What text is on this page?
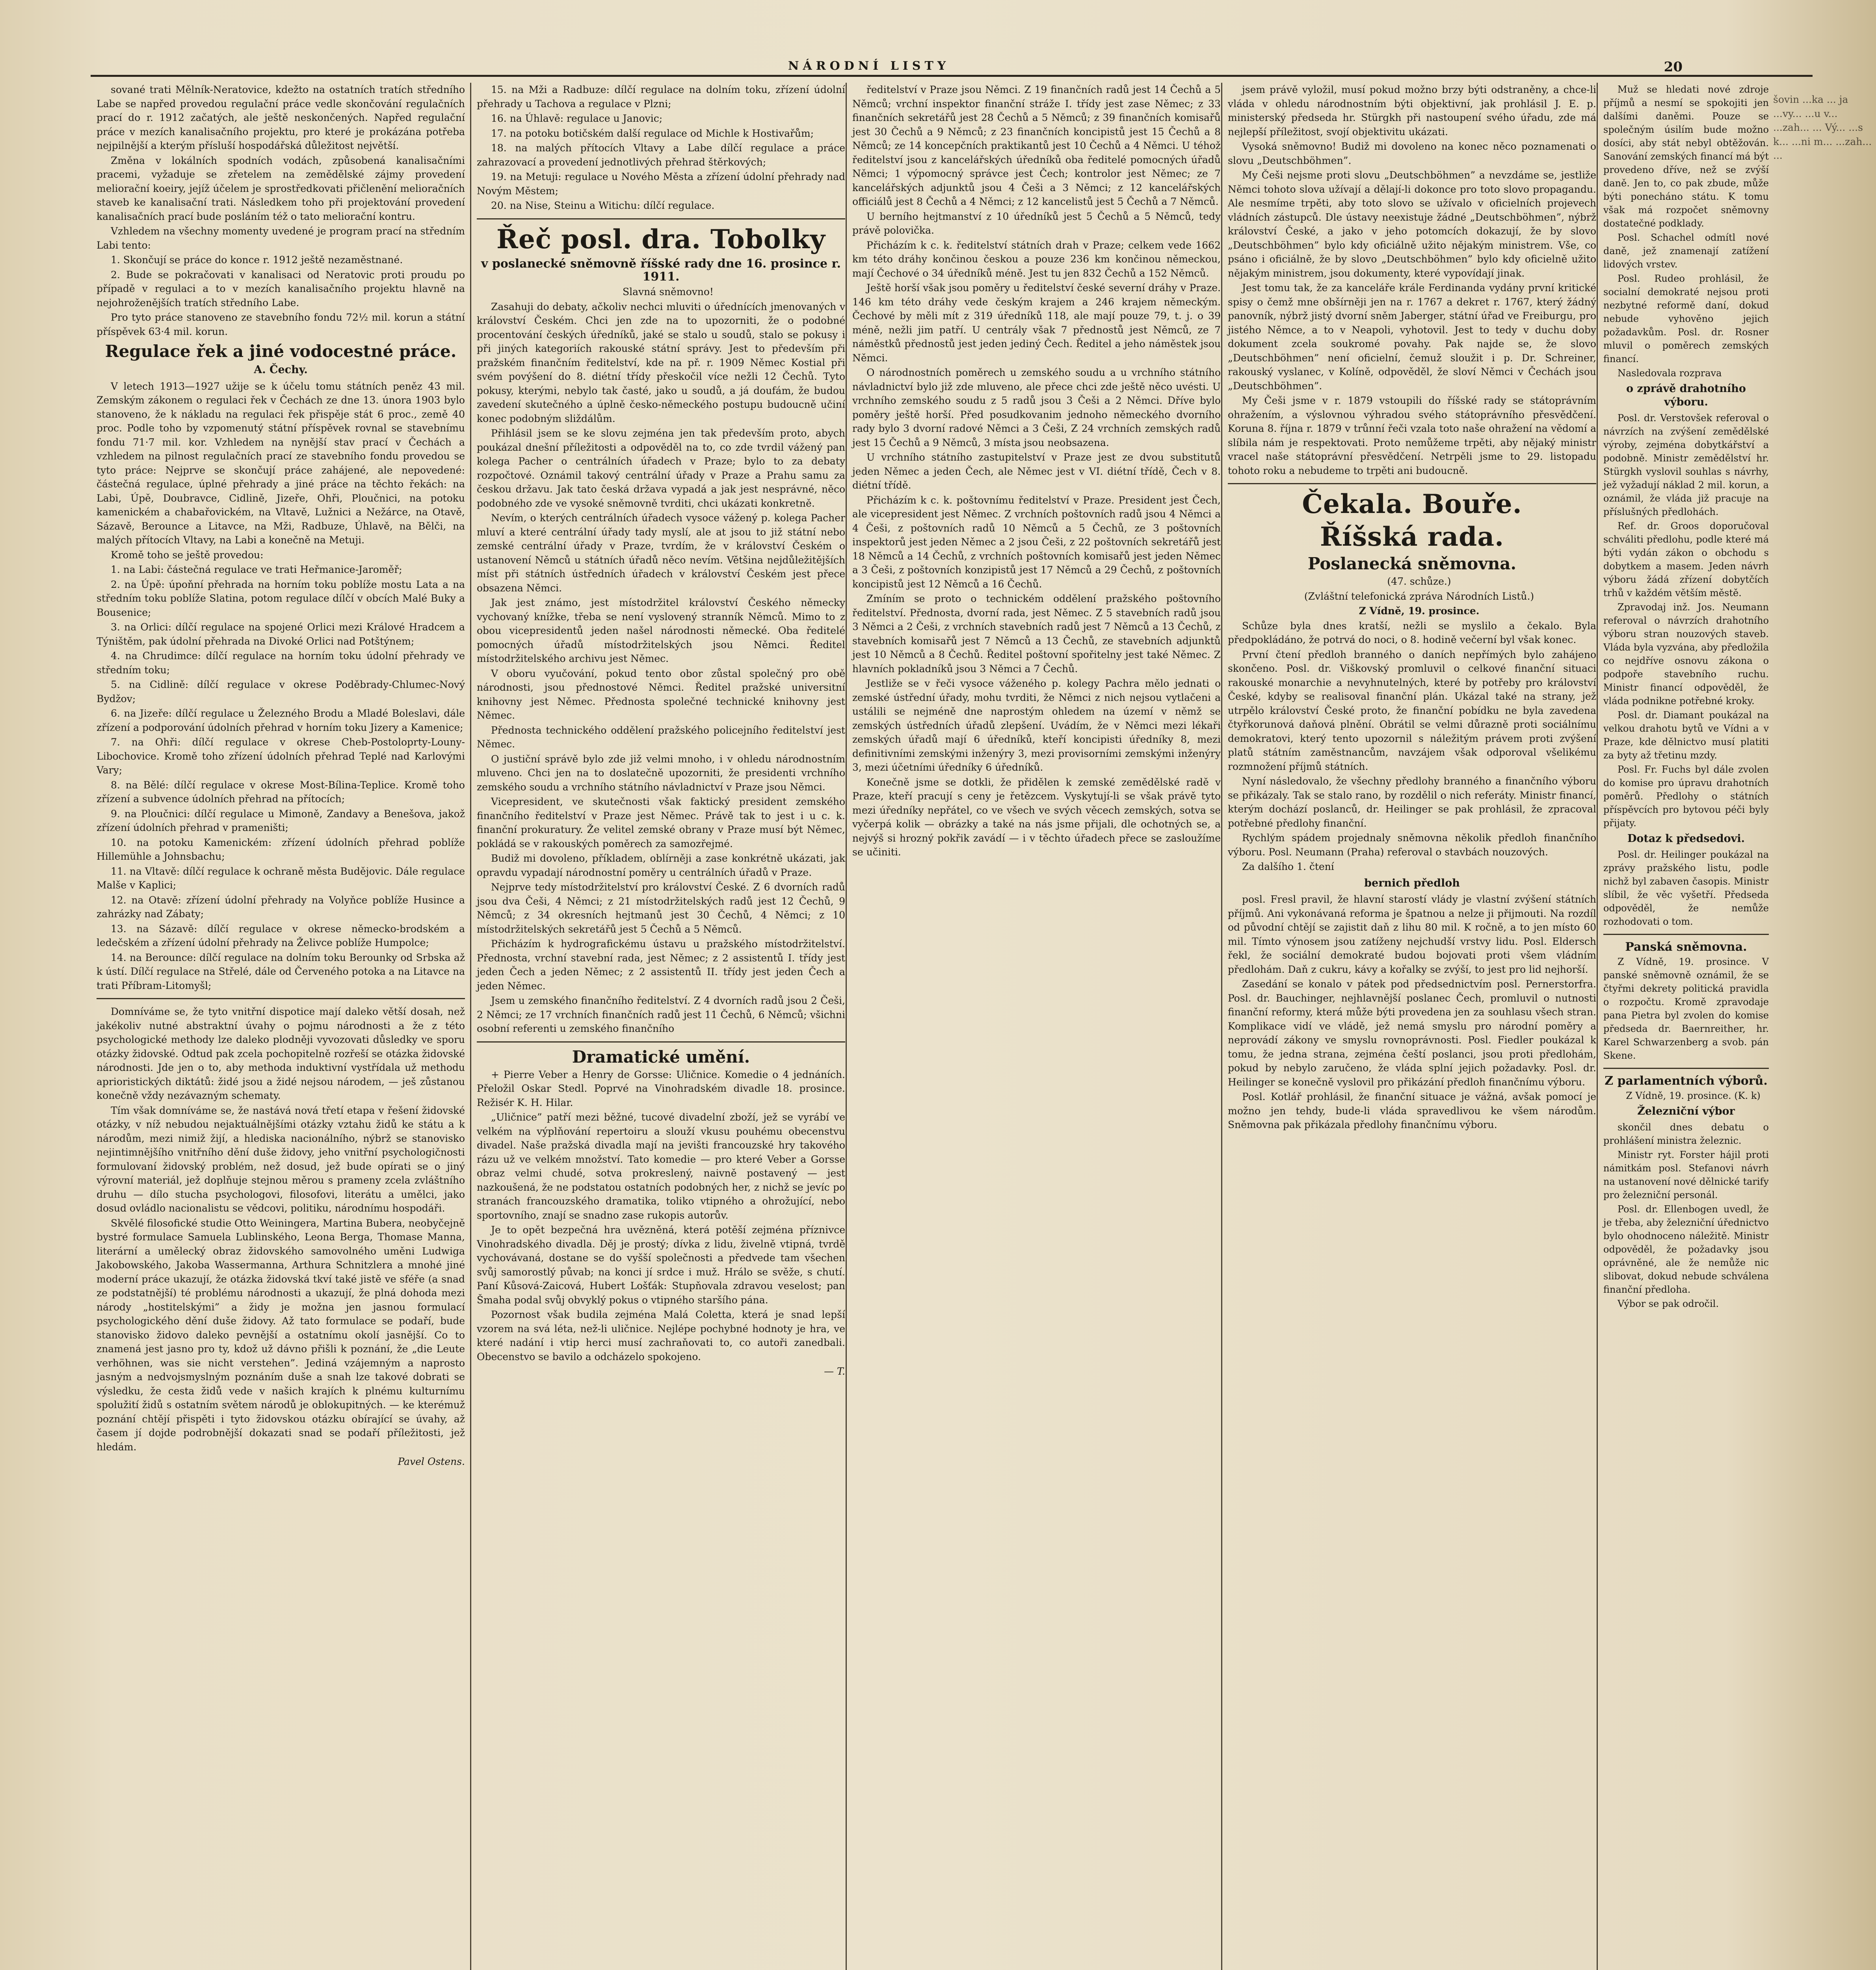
NÁRODNÍ LISTY	20

sované trati Mělník-Neratovice, kdežto na ostatních tratích středního Labe se napřed provedou regulační práce vedle skončování regulačních prací do r. 1912 začatých, ale ještě neskončených. Napřed regulační práce v mezích kanalisačního projektu, pro které je prokázána potřeba nejpilnější a kterým přísluší hospodářská důležitost největší.

Změna v lokálních spodních vodách, způsobená kanalisačními pracemi, vyžaduje se zřetelem na zemědělské zájmy provedení meliorační koeiry, jejíž účelem je sprostředkovati přičlenění melioračních staveb ke kanalisační trati. Následkem toho při projektování provedení kanalisačních prací bude posláním též o tato meliorační kontru.

Vzhledem na všechny momenty uvedené je program prací na středním Labi tento:

1. Skončují se práce do konce r. 1912 ještě nezaměstnané.

2. Bude se pokračovati v kanalisaci od Neratovic proti proudu po případě v regulaci a to v mezích kanalisačního projektu hlavně na nejohroženějších tratích středního Labe.

Pro tyto práce stanoveno ze stavebního fondu 72½ mil. korun a státní příspěvek 63·4 mil. korun.

Regulace řek a jiné vodocestné práce.
A. Čechy.

V letech 1913—1927 užije se k účelu tomu státních peněz 43 mil. Zemským zákonem o regulaci řek v Čechách ze dne 13. února 1903 bylo stanoveno, že k nákladu na regulaci řek přispěje stát 6 proc., země 40 proc. Podle toho by vzpomenutý státní příspěvek rovnal se stavebnímu fondu 71·7 mil. kor. Vzhledem na nynější stav prací v Čechách a vzhledem na pilnost regulačních prací ze stavebního fondu provedou se tyto práce: Nejprve se skončují práce zahájené, ale nepovedené: částečná regulace, úplné přehrady a jiné práce na těchto řekách: na Labi, Úpě, Doubravce, Cidlině, Jizeře, Ohři, Ploučnici, na potoku kamenickém a chabařovickém, na Vltavě, Lužnici a Nežárce, na Otavě, Sázavě, Berounce a Litavce, na Mži, Radbuze, Úhlavě, na Bělči, na malých přítocích Vltavy, na Labi a konečně na Metuji.

Kromě toho se ještě provedou:

1. na Labi: částečná regulace ve trati Heřmanice-Jaroměř;

2. na Úpě: úpoňní přehrada na horním toku poblíže mostu Lata a na středním toku poblíže Slatina, potom regulace dílčí v obcích Malé Buky a Bousenice;

3. na Orlici: dílčí regulace na spojené Orlici mezi Králové Hradcem a Týništěm, pak údolní přehrada na Divoké Orlici nad Potštýnem;

4. na Chrudimce: dílčí regulace na horním toku údolní přehrady ve středním toku;

5. na Cidlině: dílčí regulace v okrese Poděbrady-Chlumec-Nový Bydžov;

6. na Jizeře: dílčí regulace u Železného Brodu a Mladé Boleslavi, dále zřízení a podporování údolních přehrad v horním toku Jizery a Kamenice;

7. na Ohři: dílčí regulace v okrese Cheb-Postoloprty-Louny-Libochovice. Kromě toho zřízení údolních přehrad Teplé nad Karlovými Vary;

8. na Bělé: dílčí regulace v okrese Most-Bílina-Teplice. Kromě toho zřízení a subvence údolních přehrad na přítocích;

9. na Ploučnici: dílčí regulace u Mimoně, Zandavy a Benešova, jakož zřízení údolních přehrad v prameništi;

10. na potoku Kamenickém: zřízení údolních přehrad poblíže Hillemühle a Johnsbachu;

11. na Vltavě: dílčí regulace k ochraně města Budějovic. Dále regulace Malše v Kaplici;

12. na Otavě: zřízení údolní přehrady na Volyňce poblíže Husince a zahrázky nad Zábaty;

13. na Sázavě: dílčí regulace v okrese německo-brodském a ledečském a zřízení údolní přehrady na Želivce poblíže Humpolce;

14. na Berounce: dílčí regulace na dolním toku Berounky od Srbska až k ústí. Dílčí regulace na Střelé, dále od Červeného potoka a na Litavce na trati Příbram-Litomyšl;

Domníváme se, že tyto vnitřní dispotice mají daleko větší dosah, než jakékoliv nutné abstraktní úvahy o pojmu národnosti a že z této psychologické methody lze daleko plodněji vyvozovati důsledky ve sporu otázky židovské. Odtud pak zcela pochopitelně rozřeší se otázka židovské národnosti. Jde jen o to, aby methoda induktivní vystřídala už methodu aprioristických diktátů: židé jsou a židé nejsou národem, — ješ zůstanou konečně vždy nezávazným schematy.

Tím však domníváme se, že nastává nová třetí etapa v řešení židovské otázky, v níž nebudou nejaktuálnějšími otázky vztahu židů ke státu a k národům, mezi nimiž žijí, a hlediska nacionálního, nýbrž se stanovisko nejintimnějšího vnitřního dění duše židovy, jeho vnitřní psychologičnosti formulovaní židovský problém, než dosud, jež bude opírati se o jiný výrovní materiál, jež doplňuje stejnou měrou s prameny zcela zvláštního druhu — dílo stucha psychologovi, filosofovi, literátu a umělci, jako dosud ovládlo nacionalistu se vědcovi, politiku, národnímu hospodáři.

Skvělé filosofické studie Otto Weiningera, Martina Bubera, neobyčejně bystré formulace Samuela Lublinského, Leona Berga, Thomase Manna, literární a umělecký obraz židovského samovolného uměni Ludwiga Jakobowského, Jakoba Wassermanna, Arthura Schnitzlera a mnohé jiné moderní práce ukazují, že otázka židovská tkví také jistě ve sféře (a snad ze podstatnější) té problému národnosti a ukazují, že plná dohoda mezi národy „hostitelskými” a židy je možna jen jasnou formulací psychologického dění duše židovy. Až tato formulace se podaří, bude stanovisko židovo daleko pevnější a ostatnímu okolí jasnější. Co to znamená jest jasno pro ty, kdož už dávno přišli k poznání, že „die Leute verhöhnen, was sie nicht verstehen”. Jediná vzájemným a naprosto jasným a nedvojsmyslným poznáním duše a snah lze takové dobrati se výsledku, že cesta židů vede v našich krajích k plnému kulturnímu spolužití židů s ostatním světem národů je oblokupitných. — ke kterémuž poznání chtějí přispěti i tyto židovskou otázku obírající se úvahy, až časem jí dojde podrobnější dokazati snad se podaří příležitosti, jež hledám.

Pavel Ostens.

15. na Mži a Radbuze: dílčí regulace na dolním toku, zřízení údolní přehrady u Tachova a regulace v Plzni;

16. na Úhlavě: regulace u Janovic;

17. na potoku botičském další regulace od Michle k Hostivařům;

18. na malých přítocích Vltavy a Labe dílčí regulace a práce zahrazovací a provedení jednotlivých přehrad štěrkových;

19. na Metuji: regulace u Nového Města a zřízení údolní přehrady nad Novým Městem;

20. na Nise, Steinu a Witichu: dílčí regulace.

Řeč posl. dra. Tobolky
v poslanecké sněmovně říšské rady dne 16. prosince r. 1911.

Slavná sněmovno!

Zasahuji do debaty, ačkoliv nechci mluviti o úřednících jmenovaných v království Českém. Chci jen zde na to upozorniti, že o podobné procentování českých úředníků, jaké se stalo u soudů, stalo se pokusy i při jiných kategoriích rakouské státní správy. Jest to především při pražském finančním ředitelství, kde na př. r. 1909 Němec Kostial při svém povýšení do 8. diétní třídy přeskočil více nežli 12 Čechů. Tyto pokusy, kterými, nebylo tak časté, jako u soudů, a já doufám, že budou zavedení skutečného a úplně česko-německého postupu budoucně učiní konec podobným sliždálům.

Přihlásil jsem se ke slovu zejména jen tak především proto, abych poukázal dnešní příležitosti a odpověděl na to, co zde tvrdil vážený pan kolega Pacher o centrálních úřadech v Praze; bylo to za debaty rozpočtové. Oznámil takový centrální úřady v Praze a Prahu samu za českou državu. Jak tato česká država vypadá a jak jest nesprávné, něco podobného zde ve vysoké sněmovně tvrditi, chci ukázati konkretně.

Nevím, o kterých centrálních úřadech vysoce vážený p. kolega Pacher mluví a které centrální úřady tady myslí, ale at jsou to již státní nebo zemské centrální úřady v Praze, tvrdím, že v království Českém o ustanovení Němců u státních úřadů něco nevím. Většina nejdůležitějších míst při státních ústředních úřadech v království Českém jest přece obsazena Němci.

Jak jest známo, jest místodržitel království Českého německy vychovaný knížke, třeba se není vyslovený stranník Němců. Mimo to z obou vicepresidentů jeden našel národnosti německé. Oba ředitelé pomocných úřadů místodržitelských jsou Němci. Ředitel místodržitelského archivu jest Němec.

V oboru vyučování, pokud tento obor zůstal společný pro obě národnosti, jsou přednostové Němci. Ředitel pražské universitní knihovny jest Němec. Přednosta společné technické knihovny jest Němec.

Přednosta technického oddělení pražského policejního ředitelství jest Němec.

O justiční správě bylo zde již velmi mnoho, i v ohledu národnostním mluveno. Chci jen na to doslatečně upozorniti, že presidenti vrchního zemského soudu a vrchního státního návladnictví v Praze jsou Němci.

Vicepresident, ve skutečnosti však faktický president zemského finančního ředitelství v Praze jest Němec. Právě tak to jest i u c. k. finanční prokuratury. Že velitel zemské obrany v Praze musí být Němec, pokládá se v rakouských poměrech za samozřejmé.

Budiž mi dovoleno, příkladem, oblírněji a zase konkrétně ukázati, jak opravdu vypadají národnostní poměry u centrálních úřadů v Praze.

Nejprve tedy místodržitelství pro království České. Z 6 dvorních radů jsou dva Češi, 4 Němci; z 21 místodržitelských radů jest 12 Čechů, 9 Němců; z 34 okresních hejtmanů jest 30 Čechů, 4 Němci; z 10 místodržitelských sekretářů jest 5 Čechů a 5 Němců.

Přicházím k hydrografickému ústavu u pražského místodržitelství. Přednosta, vrchní stavební rada, jest Němec; z 2 assistentů I. třídy jest jeden Čech a jeden Němec; z 2 assistentů II. třídy jest jeden Čech a jeden Němec.

Jsem u zemského finančního ředitelství. Z 4 dvorních radů jsou 2 Češi, 2 Němci; ze 17 vrchních finančních radů jest 11 Čechů, 6 Němců; všichni osobní referenti u zemského finančního

Dramatické umění.

+ Pierre Veber a Henry de Gorsse: Uličnice. Komedie o 4 jednáních. Přeložil Oskar Stedl. Poprvé na Vinohradském divadle 18. prosince. Režisér K. H. Hilar.

„Uličnice” patří mezi běžné, tucové divadelní zboží, jež se vyrábí ve velkém na výplňování repertoiru a slouží vkusu pouhému obecenstvu divadel. Naše pražská divadla mají na jevišti francouzské hry takového rázu už ve velkém množství. Tato komedie — pro které Veber a Gorsse obraz velmi chudé, sotva prokreslený, naivně postavený — jest nazkoušená, že ne podstatou ostatních podobných her, z nichž se jevíc po stranách francouzského dramatika, toliko vtipného a ohrožující, nebo sportovního, znají se snadno zase rukopis autorův.

Je to opět bezpečná hra uvězněná, která potěší zejména příznivce Vinohradského divadla. Děj je prostý; dívka z lidu, živelně vtipná, tvrdě vychovávaná, dostane se do vyšší společnosti a předvede tam všechen svůj samorostlý půvab; na konci jí srdce i muž. Hrálo se svěže, s chutí. Paní Kůsová-Zaicová, Hubert Lošťák: Stupňovala zdravou veselost; pan Šmaha podal svůj obvyklý pokus o vtipného staršího pána.

Pozornost však budila zejména Malá Coletta, která je snad lepší vzorem na svá léta, než-li uličnice. Nejlépe pochybné hodnoty je hra, ve které nadání i vtip herci musí zachraňovati to, co autoři zanedbali. Obecenstvo se bavilo a odcházelo spokojeno.

— T.

ředitelství v Praze jsou Němci. Z 19 finančních radů jest 14 Čechů a 5 Němců; vrchní inspektor finanční stráže I. třídy jest zase Němec; z 33 finančních sekretářů jest 28 Čechů a 5 Němců; z 39 finančních komisařů jest 30 Čechů a 9 Němců; z 23 finančních koncipistů jest 15 Čechů a 8 Němců; ze 14 koncepčních praktikantů jest 10 Čechů a 4 Němci. U téhož ředitelství jsou z kancelářských úředníků oba ředitelé pomocných úřadů Němci; 1 výpomocný správce jest Čech; kontrolor jest Němec; ze 7 kancelářských adjunktů jsou 4 Češi a 3 Němci; z 12 kancelářských officiálů jest 8 Čechů a 4 Němci; z 12 kancelistů jest 5 Čechů a 7 Němců.

U berního hejtmanství z 10 úředníků jest 5 Čechů a 5 Němců, tedy právě polovička.

Přicházím k c. k. ředitelství státních drah v Praze; celkem vede 1662 km této dráhy končinou českou a pouze 236 km končinou německou, mají Čechové o 34 úředníků méně. Jest tu jen 832 Čechů a 152 Němců.

Ještě horší však jsou poměry u ředitelství české severní dráhy v Praze. 146 km této dráhy vede českým krajem a 246 krajem německým. Čechové by měli mít z 319 úředníků 118, ale mají pouze 79, t. j. o 39 méně, nežli jim patří. U centrály však 7 přednostů jest Němců, ze 7 náměstků přednostů jest jeden jediný Čech. Ředitel a jeho náměstek jsou Němci.

O národnostních poměrech u zemského soudu a u vrchního státního návladnictví bylo již zde mluveno, ale přece chci zde ještě něco uvésti. U vrchního zemského soudu z 5 radů jsou 3 Češi a 2 Němci. Dříve bylo poměry ještě horší. Před posudkovanim jednoho německého dvorního rady bylo 3 dvorní radové Němci a 3 Češi, Z 24 vrchních zemských radů jest 15 Čechů a 9 Němců, 3 místa jsou neobsazena.

U vrchního státního zastupitelství v Praze jest ze dvou substitutů jeden Němec a jeden Čech, ale Němec jest v VI. diétní třídě, Čech v 8. diétní třídě.

Přicházím k c. k. poštovnímu ředitelství v Praze. President jest Čech, ale vicepresident jest Němec. Z vrchních poštovních radů jsou 4 Němci a 4 Češi, z poštovních radů 10 Němců a 5 Čechů, ze 3 poštovních inspektorů jest jeden Němec a 2 jsou Češi, z 22 poštovních sekretářů jest 18 Němců a 14 Čechů, z vrchních poštovních komisařů jest jeden Němec a 3 Češi, z poštovních konzipistů jest 17 Němců a 29 Čechů, z poštovních koncipistů jest 12 Němců a 16 Čechů.

Zmíním se proto o technickém oddělení pražského poštovního ředitelství. Přednosta, dvorní rada, jest Němec. Z 5 stavebních radů jsou 3 Němci a 2 Češi, z vrchních stavebních radů jest 7 Němců a 13 Čechů, z stavebních komisařů jest 7 Němců a 13 Čechů, ze stavebních adjunktů jest 10 Němců a 8 Čechů. Ředitel poštovní spořitelny jest také Němec. Z hlavních pokladníků jsou 3 Němci a 7 Čechů.

Jestliže se v řeči vysoce váženého p. kolegy Pachra mělo jednati o zemské ústřední úřady, mohu tvrditi, že Němci z nich nejsou vytlačeni a ustálili se nejméně dne naprostým ohledem na území v němž se zemských ústředních úřadů zlepšení. Uvádím, že v Němci mezi lékaři zemských úřadů mají 6 úředníků, kteří koncipisti úředníky 8, mezi definitivními zemskými inženýry 3, mezi provisorními zemskými inženýry 3, mezi účetními úředníky 6 úředníků.

Konečně jsme se dotkli, že přidělen k zemské zemědělské radě v Praze, kteří pracují s ceny je řetězcem. Vyskytují-li se však právě tyto mezi úředníky nepřátel, co ve všech ve svých věcech zemských, sotva se vyčerpá kolik — obrázky a také na nás jsme přijali, dle ochotných se, a nejvýš si hrozný pokřik zavádí — i v těchto úřadech přece se zasloužíme se učiniti.

jsem právě vyložil, musí pokud možno brzy býti odstraněny, a chce-li vláda v ohledu národnostním býti objektivní, jak prohlásil J. E. p. ministerský předseda hr. Stürgkh při nastoupení svého úřadu, zde má nejlepší příležitost, svojí objektivitu ukázati.

Vysoká sněmovno! Budiž mi dovoleno na konec něco poznamenati o slovu „Deutschböhmen”.

My Češi nejsme proti slovu „Deutschböhmen” a nevzdáme se, jestliže Němci tohoto slova užívají a dělají-li dokonce pro toto slovo propagandu. Ale nesmíme trpěti, aby toto slovo se užívalo v oficielních projevech vládních zástupců. Dle ústavy neexistuje žádné „Deutschböhmen”, nýbrž království České, a jako v jeho potomcích dokazují, že by slovo „Deutschböhmen” bylo kdy oficiálně užito nějakým ministrem. Vše, co psáno i oficiálně, že by slovo „Deutschböhmen” bylo kdy oficielně užito nějakým ministrem, jsou dokumenty, které vypovídají jinak.

Jest tomu tak, že za kanceláře krále Ferdinanda vydány první kritické spisy o čemž mne obšírněji jen na r. 1767 a dekret r. 1767, který žádný panovník, nýbrž jistý dvorní sněm Jaberger, státní úřad ve Freiburgu, pro jistého Němce, a to v Neapoli, vyhotovil. Jest to tedy v duchu doby dokument zcela soukromé povahy. Pak najde se, že slovo „Deutschböhmen” není oficielní, čemuž sloužit i p. Dr. Schreiner, rakouský vyslanec, v Kolíně, odpověděl, že sloví Němci v Čechách jsou „Deutschböhmen”.

My Češi jsme v r. 1879 vstoupili do říšské rady se státoprávním ohražením, a výslovnou výhradou svého státoprávního přesvědčení. Koruna 8. října r. 1879 v trůnní řeči vzala toto naše ohražení na vědomí a slíbila nám je respektovati. Proto nemůžeme trpěti, aby nějaký ministr vracel naše státoprávní přesvědčení. Netrpěli jsme to 29. listopadu tohoto roku a nebudeme to trpěti ani budoucně.

Čekala. Bouře.
Říšská rada.
Poslanecká sněmovna.

(47. schůze.)

(Zvláštní telefonická zpráva Národních Listů.)

Z Vídně, 19. prosince.

Schůze byla dnes kratší, nežli se myslilo a čekalo. Byla předpokládáno, že potrvá do noci, o 8. hodině večerní byl však konec.

První čtení předloh branného o daních nepřímých bylo zahájeno skončeno. Posl. dr. Viškovský promluvil o celkové finanční situaci rakouské monarchie a nevyhnutelných, které by potřeby pro království České, kdyby se realisoval finanční plán. Ukázal také na strany, jež utrpělo království České proto, že finanční pobídku ne byla zavedena čtyřkorunová daňová plnění. Obrátil se velmi důrazně proti sociálnímu demokratovi, který tento upozornil s náležitým právem proti zvýšení platů státním zaměstnancům, navzájem však odporoval všelikému rozmnožení příjmů státních.

Nyní následovalo, že všechny předlohy branného a finančního výboru se přikázaly. Tak se stalo rano, by rozdělil o nich referáty. Ministr financí, kterým dochází poslanců, dr. Heilinger se pak prohlásil, že zpracoval potřebné předlohy finanční.

Rychlým spádem projednaly sněmovna několik předloh finančního výboru. Posl. Neumann (Praha) referoval o stavbách nouzových.

Za dalšího 1. čtení

bernich předloh

posl. Fresl pravil, že hlavní starostí vlády je vlastní zvýšení státních příjmů. Ani vykonávaná reforma je špatnou a nelze ji přijmouti. Na rozdíl od původní chtějí se zajistit daň z lihu 80 mil. K ročně, a to jen místo 60 mil. Tímto výnosem jsou zatíženy nejchudší vrstvy lidu. Posl. Eldersch řekl, že sociální demokraté budou bojovati proti všem vládním předlohám. Daň z cukru, kávy a kořalky se zvýší, to jest pro lid nejhorší.

Zasedání se konalo v pátek pod předsednictvím posl. Pernerstorfra. Posl. dr. Bauchinger, nejhlavnější poslanec Čech, promluvil o nutnosti finanční reformy, která může býti provedena jen za souhlasu všech stran. Komplikace vidí ve vládě, jež nemá smyslu pro národní poměry a neprovádí zákony ve smyslu rovnoprávnosti. Posl. Fiedler poukázal k tomu, že jedna strana, zejména čeští poslanci, jsou proti předlohám, pokud by nebylo zaručeno, že vláda splní jejich požadavky. Posl. dr. Heilinger se konečně vyslovil pro přikázání předloh finančnímu výboru.

Posl. Kotlář prohlásil, že finanční situace je vážná, avšak pomocí je možno jen tehdy, bude-li vláda spravedlivou ke všem národům. Sněmovna pak přikázala předlohy finančnímu výboru.

Muž se hledati nové zdroje příjmů a nesmí se spokojiti jen dalšími daněmi. Pouze se společným úsilím bude možno dosíci, aby stát nebyl obtěžován. Sanování zemských financí má být provedeno dříve, než se zvýší daně. Jen to, co pak zbude, může býti ponecháno státu. K tomu však má rozpočet sněmovny dostatečné podklady.

Posl. Schachel odmítl nové daně, jež znamenají zatížení lidových vrstev.

Posl. Rudeo prohlásil, že socialní demokraté nejsou proti nezbytné reformě daní, dokud nebude vyhověno jejich požadavkům. Posl. dr. Rosner mluvil o poměrech zemských financí.

Nasledovala rozprava

o zprávě drahotního výboru.

Posl. dr. Verstovšek referoval o návrzích na zvýšení zemědělské výroby, zejména dobytkářství a podobně. Ministr zemědělství hr. Stürgkh vyslovil souhlas s návrhy, jež vyžadují náklad 2 mil. korun, a oznámil, že vláda již pracuje na příslušných předlohách.

Ref. dr. Groos doporučoval schváliti předlohu, podle které má býti vydán zákon o obchodu s dobytkem a masem. Jeden návrh výboru žádá zřízení dobytčích trhů v každém větším městě.

Zpravodaj inž. Jos. Neumann referoval o návrzích drahotního výboru stran nouzových staveb. Vláda byla vyzvána, aby předložila co nejdříve osnovu zákona o podpoře stavebního ruchu. Ministr financí odpověděl, že vláda podnikne potřebné kroky.

Posl. dr. Diamant poukázal na velkou drahotu bytů ve Vídni a v Praze, kde dělnictvo musí platiti za byty až třetinu mzdy.

Posl. Fr. Fuchs byl dále zvolen do komise pro úpravu drahotních poměrů. Předlohy o státních příspěvcích pro bytovou péči byly přijaty.

Dotaz k předsedovi.

Posl. dr. Heilinger poukázal na zprávy pražského listu, podle nichž byl zabaven časopis. Ministr slíbil, že věc vyšetří. Předseda odpověděl, že nemůže rozhodovati o tom.

Panská sněmovna.

Z Vídně, 19. prosince. V panské sněmovně oznámil, že se čtyřmi dekrety politická pravidla o rozpočtu. Kromě zpravodaje pana Pietra byl zvolen do komise předseda dr. Baernreither, hr. Karel Schwarzenberg a svob. pán Skene.

Z parlamentních výborů.

Z Vídně, 19. prosince. (K. k)

Železniční výbor

skončil dnes debatu o prohlášení ministra železnic.

Ministr ryt. Forster hájil proti námitkám posl. Stefanovi návrh na ustanovení nové dělnické tarify pro železniční personál.

Posl. dr. Ellenbogen uvedl, že je třeba, aby železniční úřednictvo bylo ohodnoceno náležitě. Ministr odpověděl, že požadavky jsou oprávněné, ale že nemůže nic slibovat, dokud nebude schválena finanční předloha.

Výbor se pak odročil.

šovin ...ka ... ja ...vy... ...u v... ...zah... ... Vý... ...s k... ...ni m... ...zah... ...
